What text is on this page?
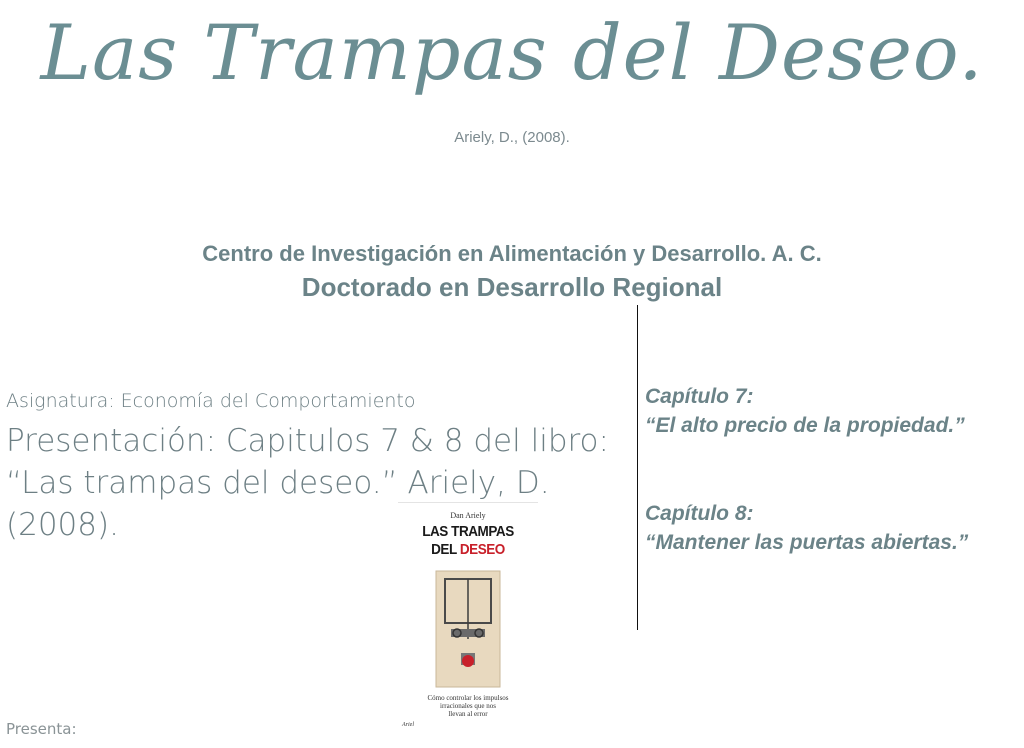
Las Trampas del Deseo.
Ariely, D., (2008).
Centro de Investigación en Alimentación y Desarrollo. A. C.
Doctorado en Desarrollo Regional
Asignatura: Economía del Comportamiento
Presentación: Capitulos 7 & 8 del libro: “Las trampas del deseo.” Ariely, D. (2008).
Capítulo 7:
“El alto precio de la propiedad.”
Capítulo 8:
“Mantener las puertas abiertas.”
Dan Ariely
LAS TRAMPAS
DEL DESEO
Cómo controlar los impulsos
irracionales que nos
llevan al error
Ariel
Presenta:
